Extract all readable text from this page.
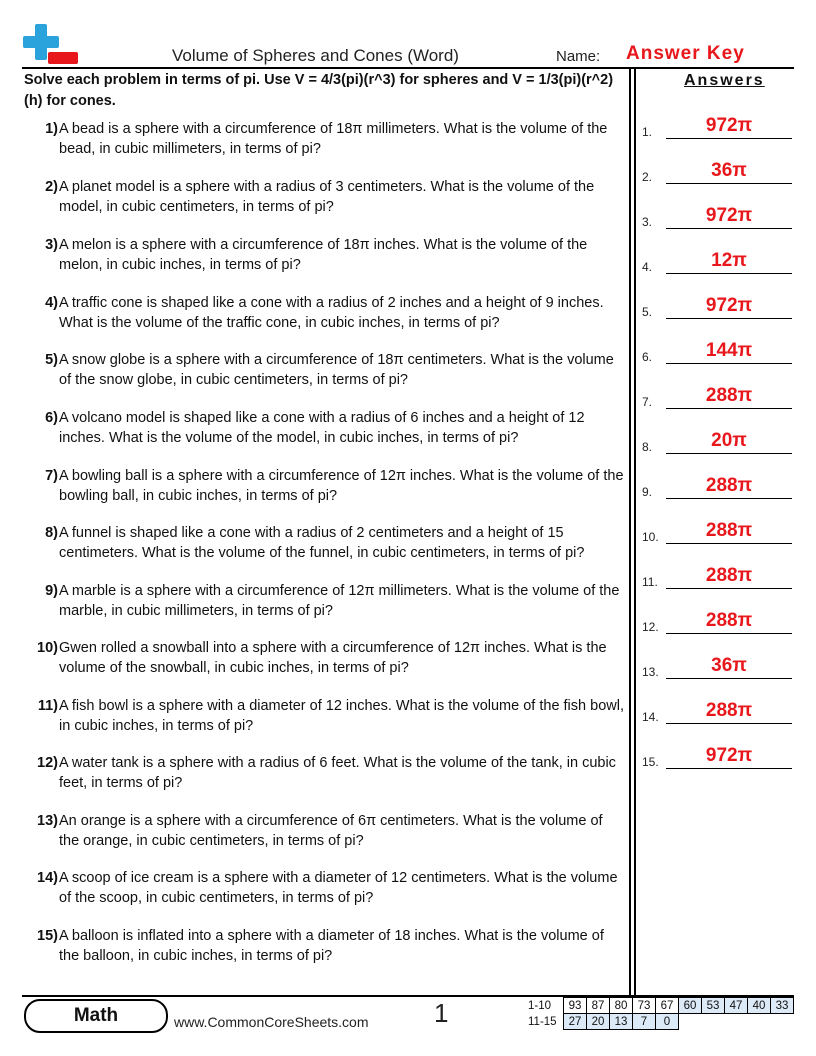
Volume of Spheres and Cones (Word)	Name: Answer Key
Solve each problem in terms of pi. Use V = 4/3(pi)(r^3) for spheres and V = 1/3(pi)(r^2)(h) for cones.
Answers
1) A bead is a sphere with a circumference of 18π millimeters. What is the volume of the bead, in cubic millimeters, in terms of pi?
2) A planet model is a sphere with a radius of 3 centimeters. What is the volume of the model, in cubic centimeters, in terms of pi?
3) A melon is a sphere with a circumference of 18π inches. What is the volume of the melon, in cubic inches, in terms of pi?
4) A traffic cone is shaped like a cone with a radius of 2 inches and a height of 9 inches. What is the volume of the traffic cone, in cubic inches, in terms of pi?
5) A snow globe is a sphere with a circumference of 18π centimeters. What is the volume of the snow globe, in cubic centimeters, in terms of pi?
6) A volcano model is shaped like a cone with a radius of 6 inches and a height of 12 inches. What is the volume of the model, in cubic inches, in terms of pi?
7) A bowling ball is a sphere with a circumference of 12π inches. What is the volume of the bowling ball, in cubic inches, in terms of pi?
8) A funnel is shaped like a cone with a radius of 2 centimeters and a height of 15 centimeters. What is the volume of the funnel, in cubic centimeters, in terms of pi?
9) A marble is a sphere with a circumference of 12π millimeters. What is the volume of the marble, in cubic millimeters, in terms of pi?
10) Gwen rolled a snowball into a sphere with a circumference of 12π inches. What is the volume of the snowball, in cubic inches, in terms of pi?
11) A fish bowl is a sphere with a diameter of 12 inches. What is the volume of the fish bowl, in cubic inches, in terms of pi?
12) A water tank is a sphere with a radius of 6 feet. What is the volume of the tank, in cubic feet, in terms of pi?
13) An orange is a sphere with a circumference of 6π centimeters. What is the volume of the orange, in cubic centimeters, in terms of pi?
14) A scoop of ice cream is a sphere with a diameter of 12 centimeters. What is the volume of the scoop, in cubic centimeters, in terms of pi?
15) A balloon is inflated into a sphere with a diameter of 18 inches. What is the volume of the balloon, in cubic inches, in terms of pi?
1.	972π
2.	36π
3.	972π
4.	12π
5.	972π
6.	144π
7.	288π
8.	20π
9.	288π
10.	288π
11.	288π
12.	288π
13.	36π
14.	288π
15.	972π
Math	www.CommonCoreSheets.com	1	1-10	93	87	80	73	67	60	53	47	40	33
11-15	27	20	13	7	0					
